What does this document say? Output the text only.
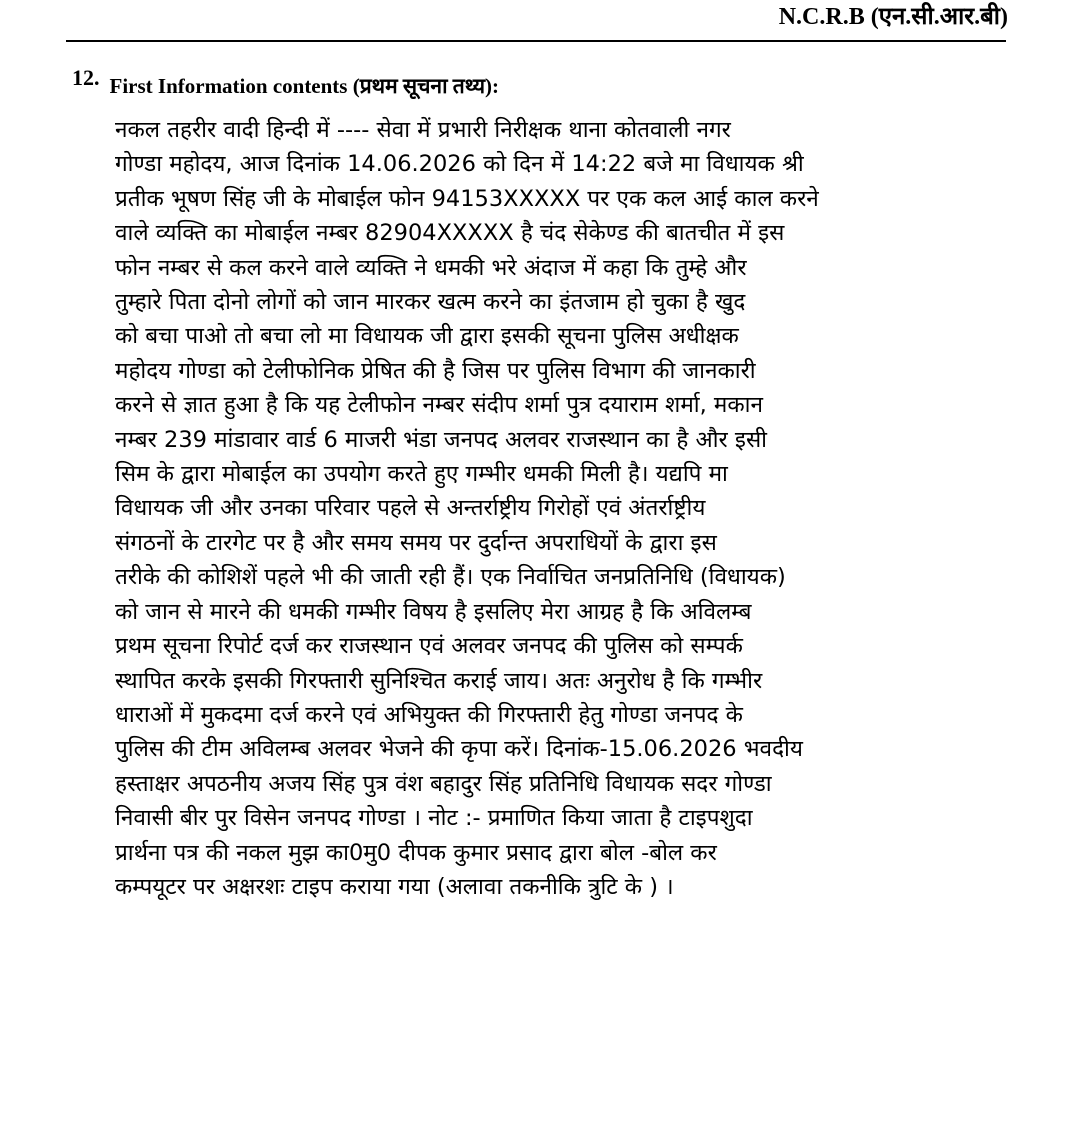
N.C.R.B (एन.सी.आर.बी)
12. First Information contents (प्रथम सूचना तथ्य):
नकल तहरीर वादी हिन्दी में ---- सेवा में प्रभारी निरीक्षक थाना कोतवाली नगर
गोण्डा महोदय, आज दिनांक 14.06.2026 को दिन में 14:22 बजे मा विधायक श्री
प्रतीक भूषण सिंह जी के मोबाईल फोन 94153XXXXX पर एक कल आई काल करने
वाले व्यक्ति का मोबाईल नम्बर 82904XXXXX है चंद सेकेण्ड की बातचीत में इस
फोन नम्बर से कल करने वाले व्यक्ति ने धमकी भरे अंदाज में कहा कि तुम्हे और
तुम्हारे पिता दोनो लोगों को जान मारकर खत्म करने का इंतजाम हो चुका है खुद
को बचा पाओ तो बचा लो मा विधायक जी द्वारा इसकी सूचना पुलिस अधीक्षक
महोदय गोण्डा को टेलीफोनिक प्रेषित की है जिस पर पुलिस विभाग की जानकारी
करने से ज्ञात हुआ है कि यह टेलीफोन नम्बर संदीप शर्मा पुत्र दयाराम शर्मा, मकान
नम्बर 239 मांडावार वार्ड 6 माजरी भंडा जनपद अलवर राजस्थान का है और इसी
सिम के द्वारा मोबाईल का उपयोग करते हुए गम्भीर धमकी मिली है। यद्यपि मा
विधायक जी और उनका परिवार पहले से अन्तर्राष्ट्रीय गिरोहों एवं अंतर्राष्ट्रीय
संगठनों के टारगेट पर है और समय समय पर दुर्दान्त अपराधियों के द्वारा इस
तरीके की कोशिशें पहले भी की जाती रही हैं। एक निर्वाचित जनप्रतिनिधि (विधायक)
को जान से मारने की धमकी गम्भीर विषय है इसलिए मेरा आग्रह है कि अविलम्ब
प्रथम सूचना रिपोर्ट दर्ज कर राजस्थान एवं अलवर जनपद की पुलिस को सम्पर्क
स्थापित करके इसकी गिरफ्तारी सुनिश्चित कराई जाय। अतः अनुरोध है कि गम्भीर
धाराओं में मुकदमा दर्ज करने एवं अभियुक्त की गिरफ्तारी हेतु गोण्डा जनपद के
पुलिस की टीम अविलम्ब अलवर भेजने की कृपा करें। दिनांक-15.06.2026 भवदीय
हस्ताक्षर अपठनीय अजय सिंह पुत्र वंश बहादुर सिंह प्रतिनिधि विधायक सदर गोण्डा
निवासी बीर पुर विसेन जनपद गोण्डा । नोट :- प्रमाणित किया जाता है टाइपशुदा
प्रार्थना पत्र की नकल मुझ का0मु0 दीपक कुमार प्रसाद द्वारा बोल -बोल कर
कम्पयूटर पर अक्षरशः टाइप कराया गया (अलावा तकनीकि त्रुटि के ) ।
